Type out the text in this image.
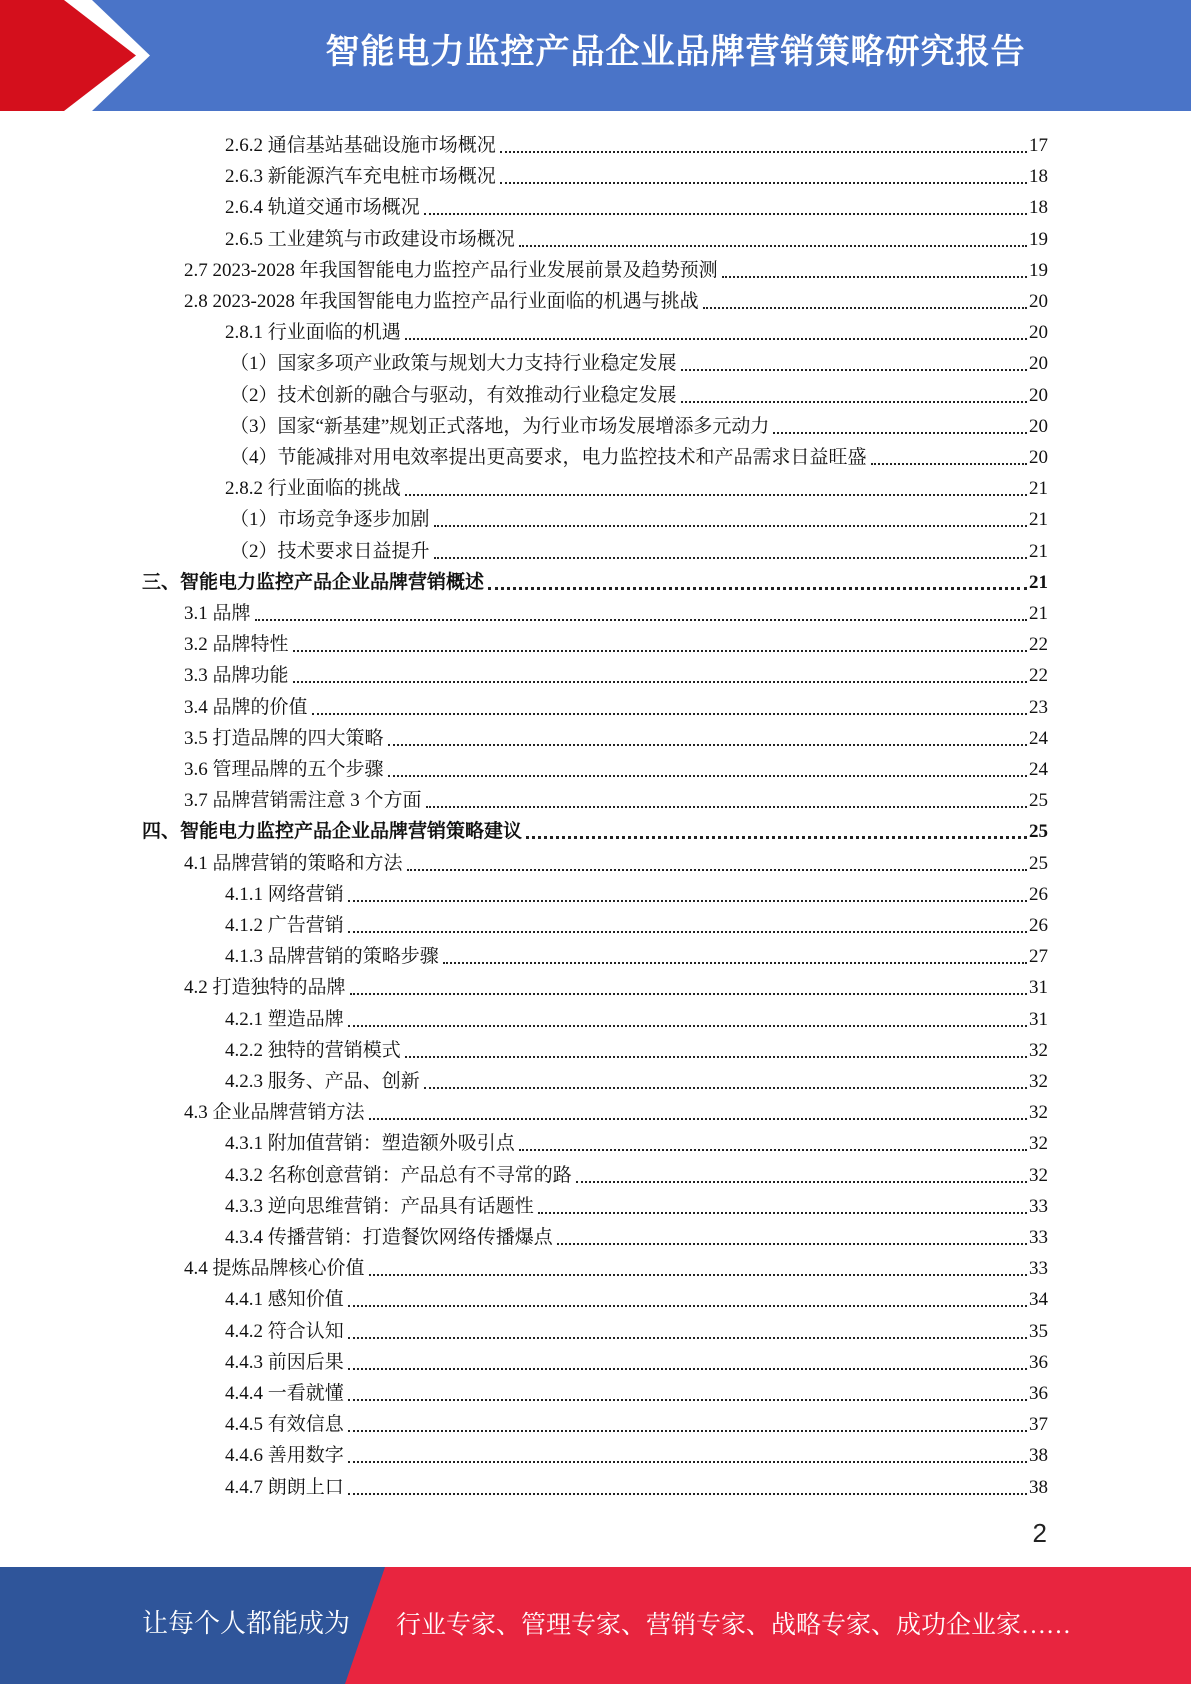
智能电力监控产品企业品牌营销策略研究报告
2.6.2 通信基站基础设施市场概况	17
2.6.3 新能源汽车充电桩市场概况	18
2.6.4 轨道交通市场概况	18
2.6.5 工业建筑与市政建设市场概况	19
2.7 2023-2028 年我国智能电力监控产品行业发展前景及趋势预测	19
2.8 2023-2028 年我国智能电力监控产品行业面临的机遇与挑战	20
2.8.1 行业面临的机遇	20
（1）国家多项产业政策与规划大力支持行业稳定发展	20
（2）技术创新的融合与驱动，有效推动行业稳定发展	20
（3）国家“新基建”规划正式落地，为行业市场发展增添多元动力	20
（4）节能减排对用电效率提出更高要求，电力监控技术和产品需求日益旺盛	20
2.8.2 行业面临的挑战	21
（1）市场竞争逐步加剧	21
（2）技术要求日益提升	21
三、智能电力监控产品企业品牌营销概述	21
3.1 品牌	21
3.2 品牌特性	22
3.3 品牌功能	22
3.4 品牌的价值	23
3.5 打造品牌的四大策略	24
3.6 管理品牌的五个步骤	24
3.7 品牌营销需注意 3 个方面	25
四、智能电力监控产品企业品牌营销策略建议	25
4.1 品牌营销的策略和方法	25
4.1.1 网络营销	26
4.1.2 广告营销	26
4.1.3 品牌营销的策略步骤	27
4.2 打造独特的品牌	31
4.2.1 塑造品牌	31
4.2.2 独特的营销模式	32
4.2.3 服务、产品、创新	32
4.3 企业品牌营销方法	32
4.3.1 附加值营销：塑造额外吸引点	32
4.3.2 名称创意营销：产品总有不寻常的路	32
4.3.3 逆向思维营销：产品具有话题性	33
4.3.4 传播营销：打造餐饮网络传播爆点	33
4.4 提炼品牌核心价值	33
4.4.1 感知价值	34
4.4.2 符合认知	35
4.4.3 前因后果	36
4.4.4 一看就懂	36
4.4.5 有效信息	37
4.4.6 善用数字	38
4.4.7 朗朗上口	38
2
让每个人都能成为 行业专家、管理专家、营销专家、战略专家、成功企业家……
